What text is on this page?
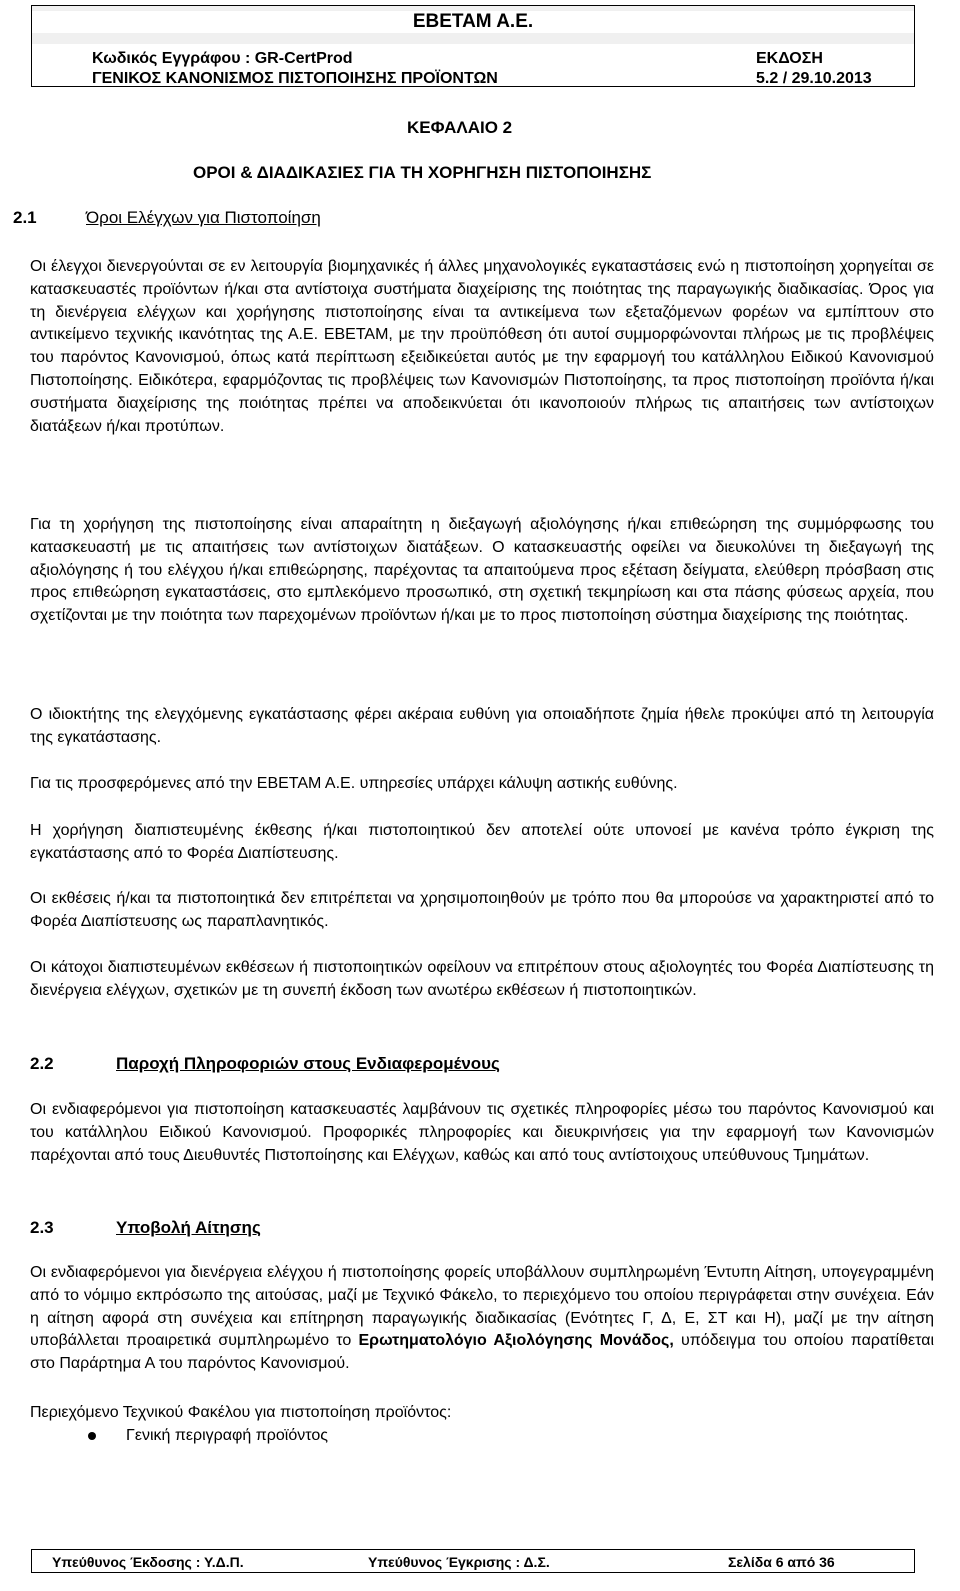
ΕΒΕΤΑΜ Α.Ε.
Κωδικός Εγγράφου : GR-CertProd	ΕΚΔΟΣΗ
ΓΕΝΙΚΟΣ ΚΑΝΟΝΙΣΜΟΣ ΠΙΣΤΟΠΟΙΗΣΗΣ ΠΡΟΪΟΝΤΩΝ	5.2 / 29.10.2013
ΚΕΦΑΛΑΙΟ 2
ΟΡΟΙ & ΔΙΑΔΙΚΑΣΙΕΣ ΓΙΑ ΤΗ ΧΟΡΗΓΗΣΗ ΠΙΣΤΟΠΟΙΗΣΗΣ
2.1	Όροι Ελέγχων για Πιστοποίηση
Οι έλεγχοι διενεργούνται σε εν λειτουργία βιομηχανικές ή άλλες μηχανολογικές εγκαταστάσεις ενώ η πιστοποίηση χορηγείται σε κατασκευαστές προϊόντων ή/και στα αντίστοιχα συστήματα διαχείρισης της ποιότητας της παραγωγικής διαδικασίας. Όρος για τη διενέργεια ελέγχων και χορήγησης πιστοποίησης είναι τα αντικείμενα των εξεταζόμενων φορέων να εμπίπτουν στο αντικείμενο τεχνικής ικανότητας της Α.Ε. ΕΒΕΤΑΜ, με την προϋπόθεση ότι αυτοί συμμορφώνονται πλήρως με τις προβλέψεις του παρόντος Κανονισμού, όπως κατά περίπτωση εξειδικεύεται αυτός με την εφαρμογή του κατάλληλου Ειδικού Κανονισμού Πιστοποίησης. Ειδικότερα, εφαρμόζοντας τις προβλέψεις των Κανονισμών Πιστοποίησης, τα προς πιστοποίηση προϊόντα ή/και συστήματα διαχείρισης της ποιότητας πρέπει να αποδεικνύεται ότι ικανοποιούν πλήρως τις απαιτήσεις των αντίστοιχων διατάξεων ή/και προτύπων.
Για τη χορήγηση της πιστοποίησης είναι απαραίτητη η διεξαγωγή αξιολόγησης ή/και επιθεώρηση της συμμόρφωσης του κατασκευαστή με τις απαιτήσεις των αντίστοιχων διατάξεων. Ο κατασκευαστής οφείλει να διευκολύνει τη διεξαγωγή της αξιολόγησης ή του ελέγχου ή/και επιθεώρησης, παρέχοντας τα απαιτούμενα προς εξέταση δείγματα, ελεύθερη πρόσβαση στις προς επιθεώρηση εγκαταστάσεις, στο εμπλεκόμενο προσωπικό, στη σχετική τεκμηρίωση και στα πάσης φύσεως αρχεία, που σχετίζονται με την ποιότητα των παρεχομένων προϊόντων ή/και με το προς πιστοποίηση σύστημα διαχείρισης της ποιότητας.
Ο ιδιοκτήτης της ελεγχόμενης εγκατάστασης φέρει ακέραια ευθύνη για οποιαδήποτε ζημία ήθελε προκύψει από τη λειτουργία της εγκατάστασης.
Για τις προσφερόμενες από την ΕΒΕΤΑΜ Α.Ε. υπηρεσίες υπάρχει κάλυψη αστικής ευθύνης.
Η χορήγηση διαπιστευμένης έκθεσης ή/και πιστοποιητικού δεν αποτελεί ούτε υπονοεί με κανένα τρόπο έγκριση της εγκατάστασης από το Φορέα Διαπίστευσης.
Οι εκθέσεις ή/και τα πιστοποιητικά δεν επιτρέπεται να χρησιμοποιηθούν με τρόπο που θα μπορούσε να χαρακτηριστεί από το Φορέα Διαπίστευσης ως παραπλανητικός.
Οι κάτοχοι διαπιστευμένων εκθέσεων ή πιστοποιητικών οφείλουν να επιτρέπουν στους αξιολογητές του Φορέα Διαπίστευσης τη διενέργεια ελέγχων, σχετικών με τη συνεπή έκδοση των ανωτέρω εκθέσεων ή πιστοποιητικών.
2.2	Παροχή Πληροφοριών στους Ενδιαφερομένους
Οι ενδιαφερόμενοι για πιστοποίηση κατασκευαστές λαμβάνουν τις σχετικές πληροφορίες μέσω του παρόντος Κανονισμού και του κατάλληλου Ειδικού Κανονισμού. Προφορικές πληροφορίες και διευκρινήσεις για την εφαρμογή των Κανονισμών παρέχονται από τους Διευθυντές Πιστοποίησης και Ελέγχων, καθώς και από τους αντίστοιχους υπεύθυνους Τμημάτων.
2.3	Υποβολή Αίτησης
Οι ενδιαφερόμενοι για διενέργεια ελέγχου ή πιστοποίησης φορείς υποβάλλουν συμπληρωμένη Έντυπη Αίτηση, υπογεγραμμένη από το νόμιμο εκπρόσωπο της αιτούσας, μαζί με Τεχνικό Φάκελο, το περιεχόμενο του οποίου περιγράφεται στην συνέχεια. Εάν η αίτηση αφορά στη συνέχεια και επίτηρηση παραγωγικής διαδικασίας (Ενότητες Γ, Δ, Ε, ΣΤ και Η), μαζί με την αίτηση υποβάλλεται προαιρετικά συμπληρωμένο το Ερωτηματολόγιο Αξιολόγησης Μονάδος, υπόδειγμα του οποίου παρατίθεται στο Παράρτημα Α του παρόντος Κανονισμού.
Περιεχόμενο Τεχνικού Φακέλου για πιστοποίηση προϊόντος:
Γενική περιγραφή προϊόντος
Υπεύθυνος Έκδοσης : Υ.Δ.Π.	Υπεύθυνος Έγκρισης : Δ.Σ.	Σελίδα 6 από 36
